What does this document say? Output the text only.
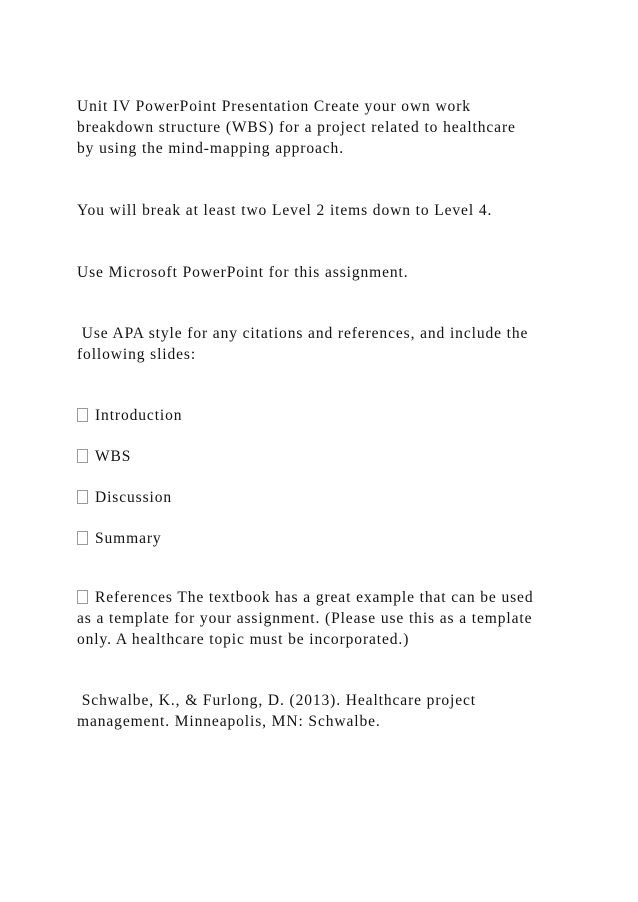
Unit IV PowerPoint Presentation Create your own work
breakdown structure (WBS) for a project related to healthcare
by using the mind-mapping approach.
You will break at least two Level 2 items down to Level 4.
Use Microsoft PowerPoint for this assignment.
Use APA style for any citations and references, and include the
following slides:
Introduction
WBS
Discussion
Summary
References The textbook has a great example that can be used
as a template for your assignment. (Please use this as a template
only. A healthcare topic must be incorporated.)
Schwalbe, K., & Furlong, D. (2013). Healthcare project
management. Minneapolis, MN: Schwalbe.
